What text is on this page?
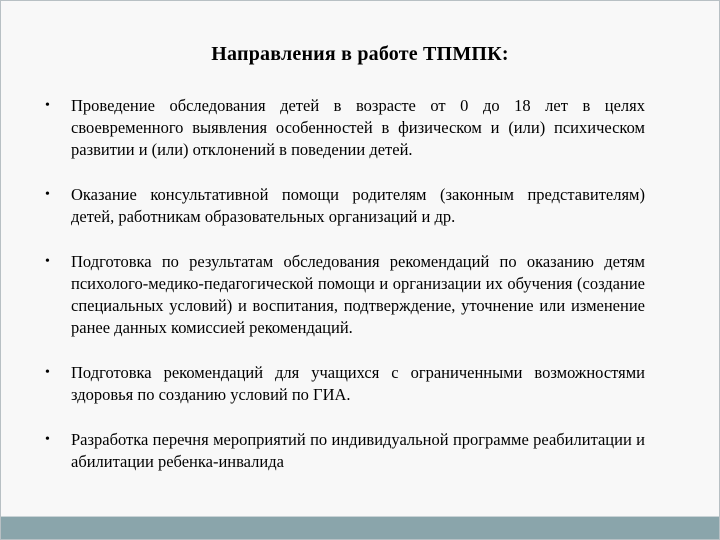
Направления в работе ТПМПК:
• Проведение обследования детей в возрасте от 0 до 18 лет в целях своевременного выявления особенностей в физическом и (или) психическом развитии и (или) отклонений в поведении детей.
• Оказание консультативной помощи родителям (законным представителям) детей, работникам образовательных организаций и др.
• Подготовка по результатам обследования рекомендаций по оказанию детям психолого-медико-педагогической помощи и организации их обучения (создание специальных условий) и воспитания, подтверждение, уточнение или изменение ранее данных комиссией рекомендаций.
• Подготовка рекомендаций для учащихся с ограниченными возможностями здоровья по созданию условий по ГИА.
• Разработка перечня мероприятий по индивидуальной программе реабилитации и абилитации ребенка-инвалида
